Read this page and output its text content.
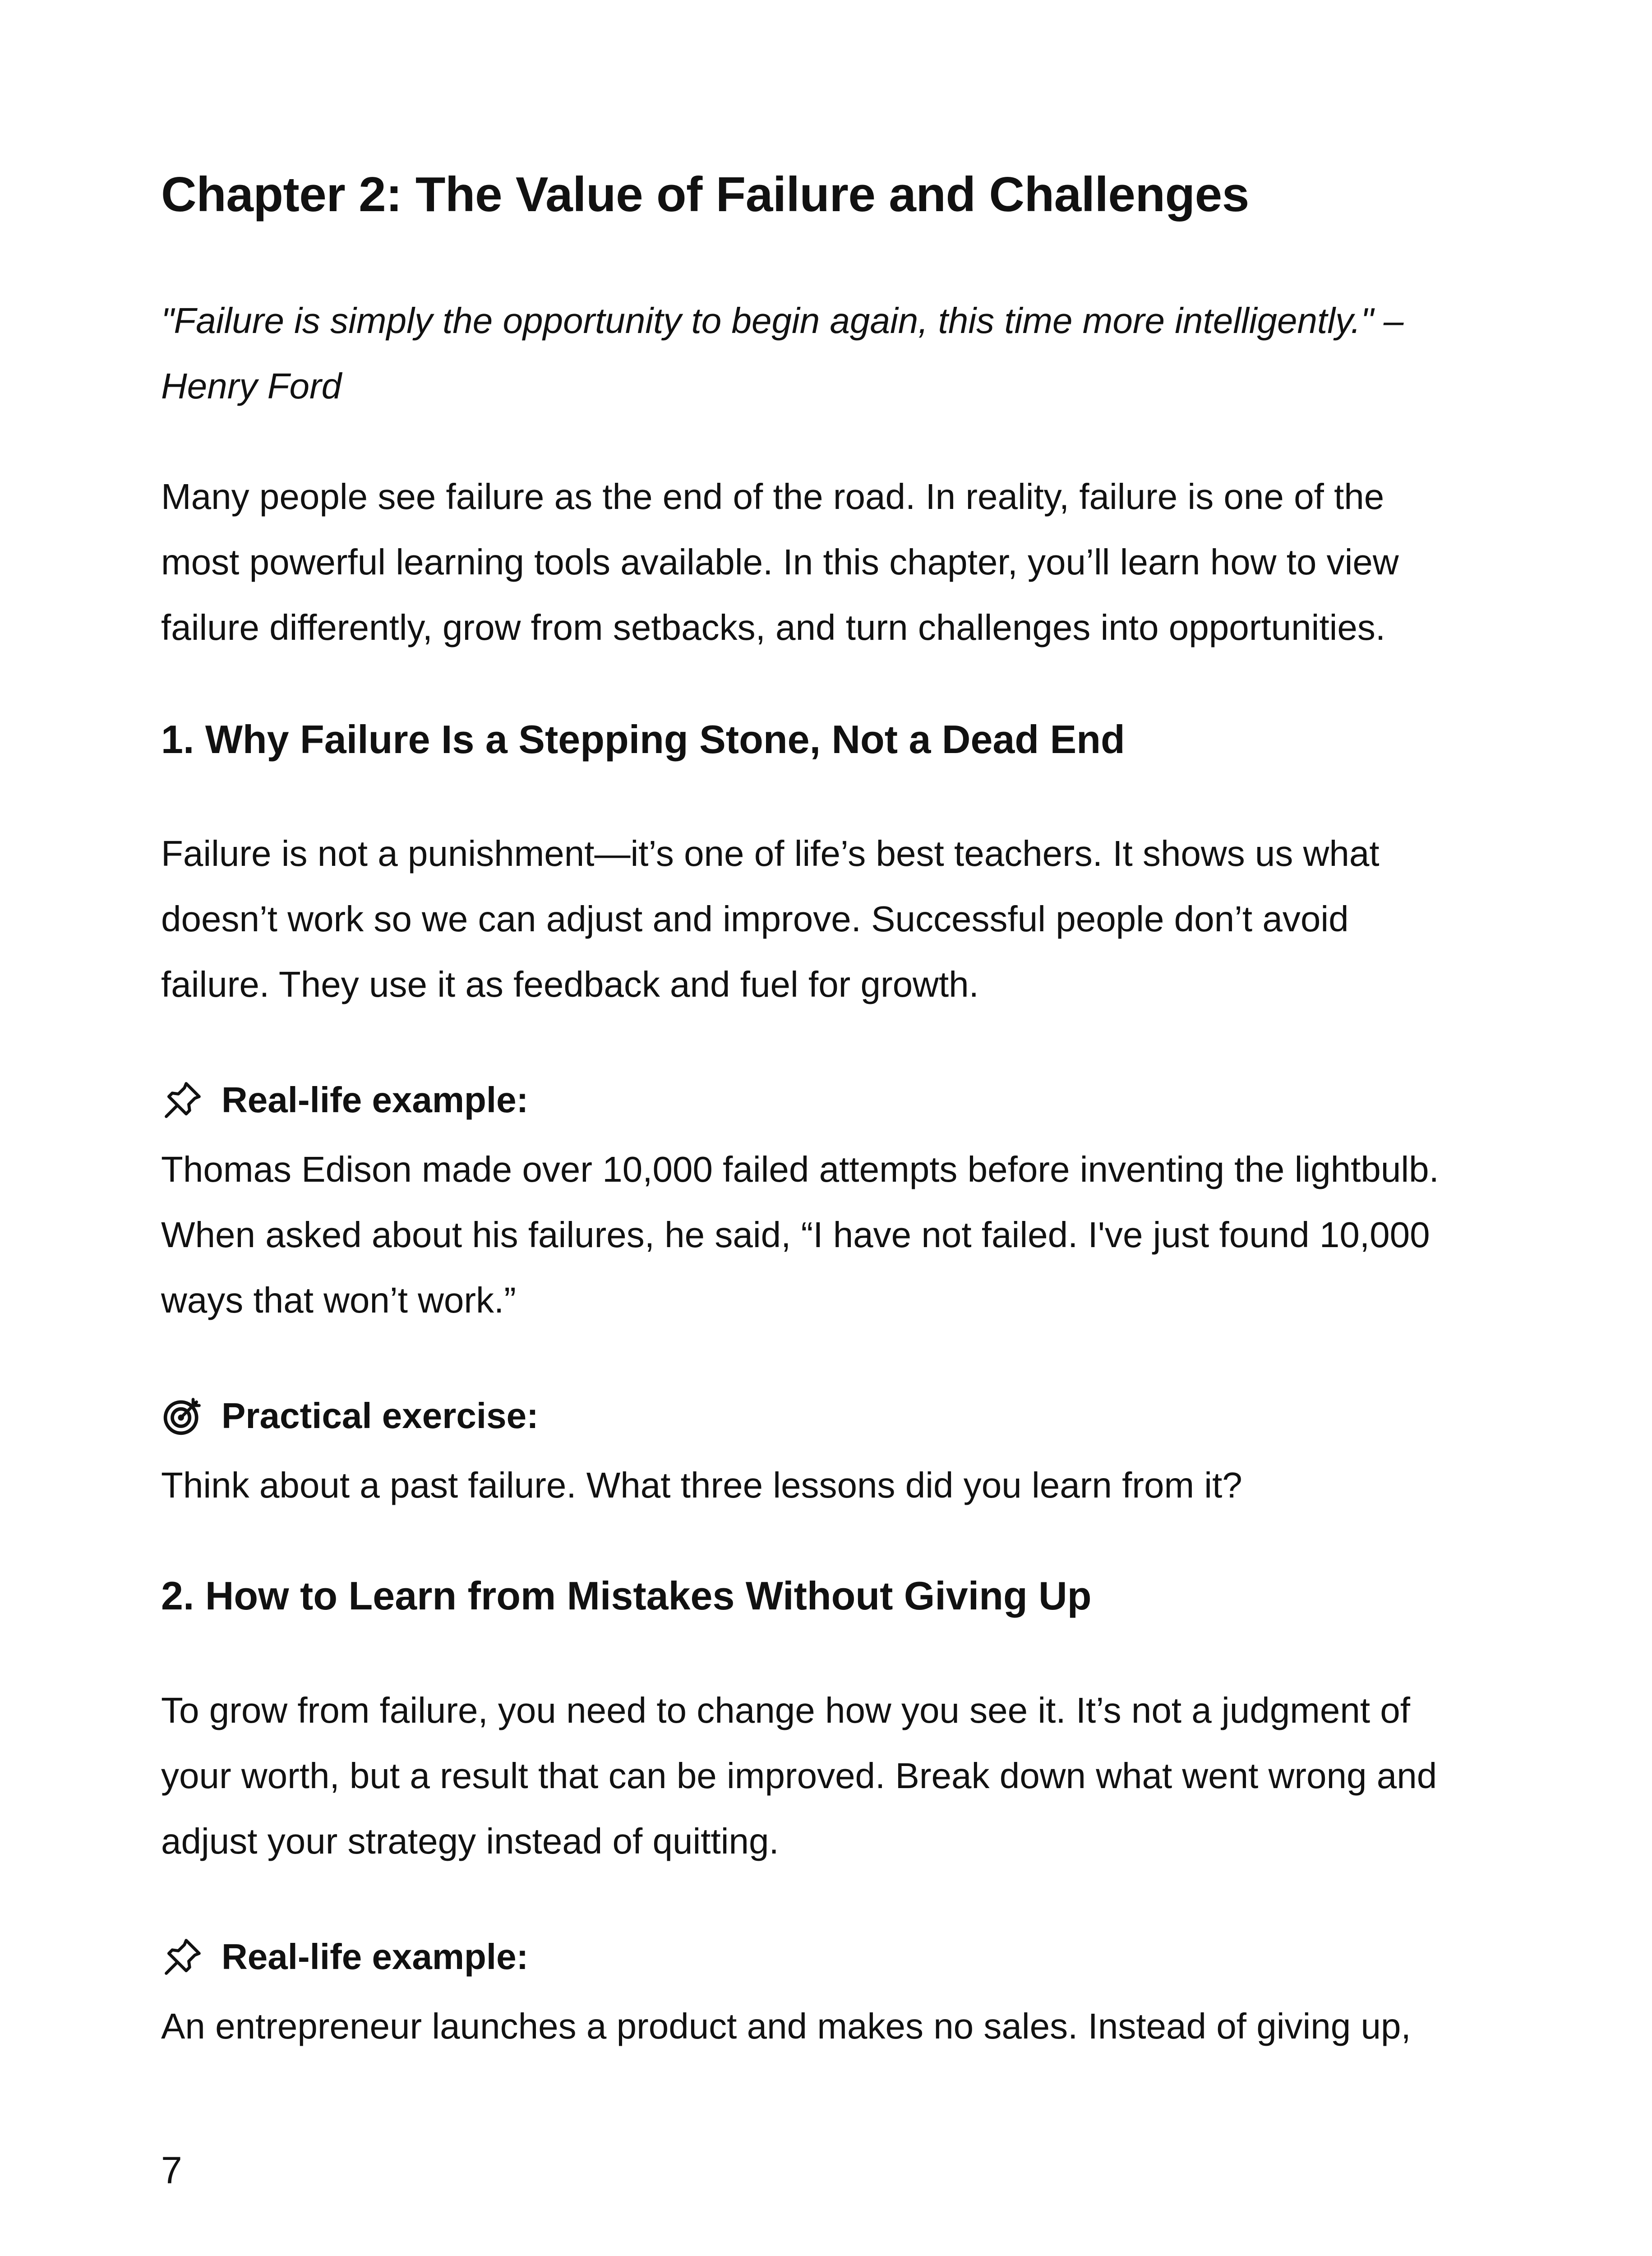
Chapter 2: The Value of Failure and Challenges
"Failure is simply the opportunity to begin again, this time more intelligently." –
Henry Ford
Many people see failure as the end of the road. In reality, failure is one of the
most powerful learning tools available. In this chapter, you’ll learn how to view
failure differently, grow from setbacks, and turn challenges into opportunities.
1. Why Failure Is a Stepping Stone, Not a Dead End
Failure is not a punishment—it’s one of life’s best teachers. It shows us what
doesn’t work so we can adjust and improve. Successful people don’t avoid
failure. They use it as feedback and fuel for growth.
Real-life example:
Thomas Edison made over 10,000 failed attempts before inventing the lightbulb.
When asked about his failures, he said, “I have not failed. I've just found 10,000
ways that won’t work.”
Practical exercise:
Think about a past failure. What three lessons did you learn from it?
2. How to Learn from Mistakes Without Giving Up
To grow from failure, you need to change how you see it. It’s not a judgment of
your worth, but a result that can be improved. Break down what went wrong and
adjust your strategy instead of quitting.
Real-life example:
An entrepreneur launches a product and makes no sales. Instead of giving up,
7
